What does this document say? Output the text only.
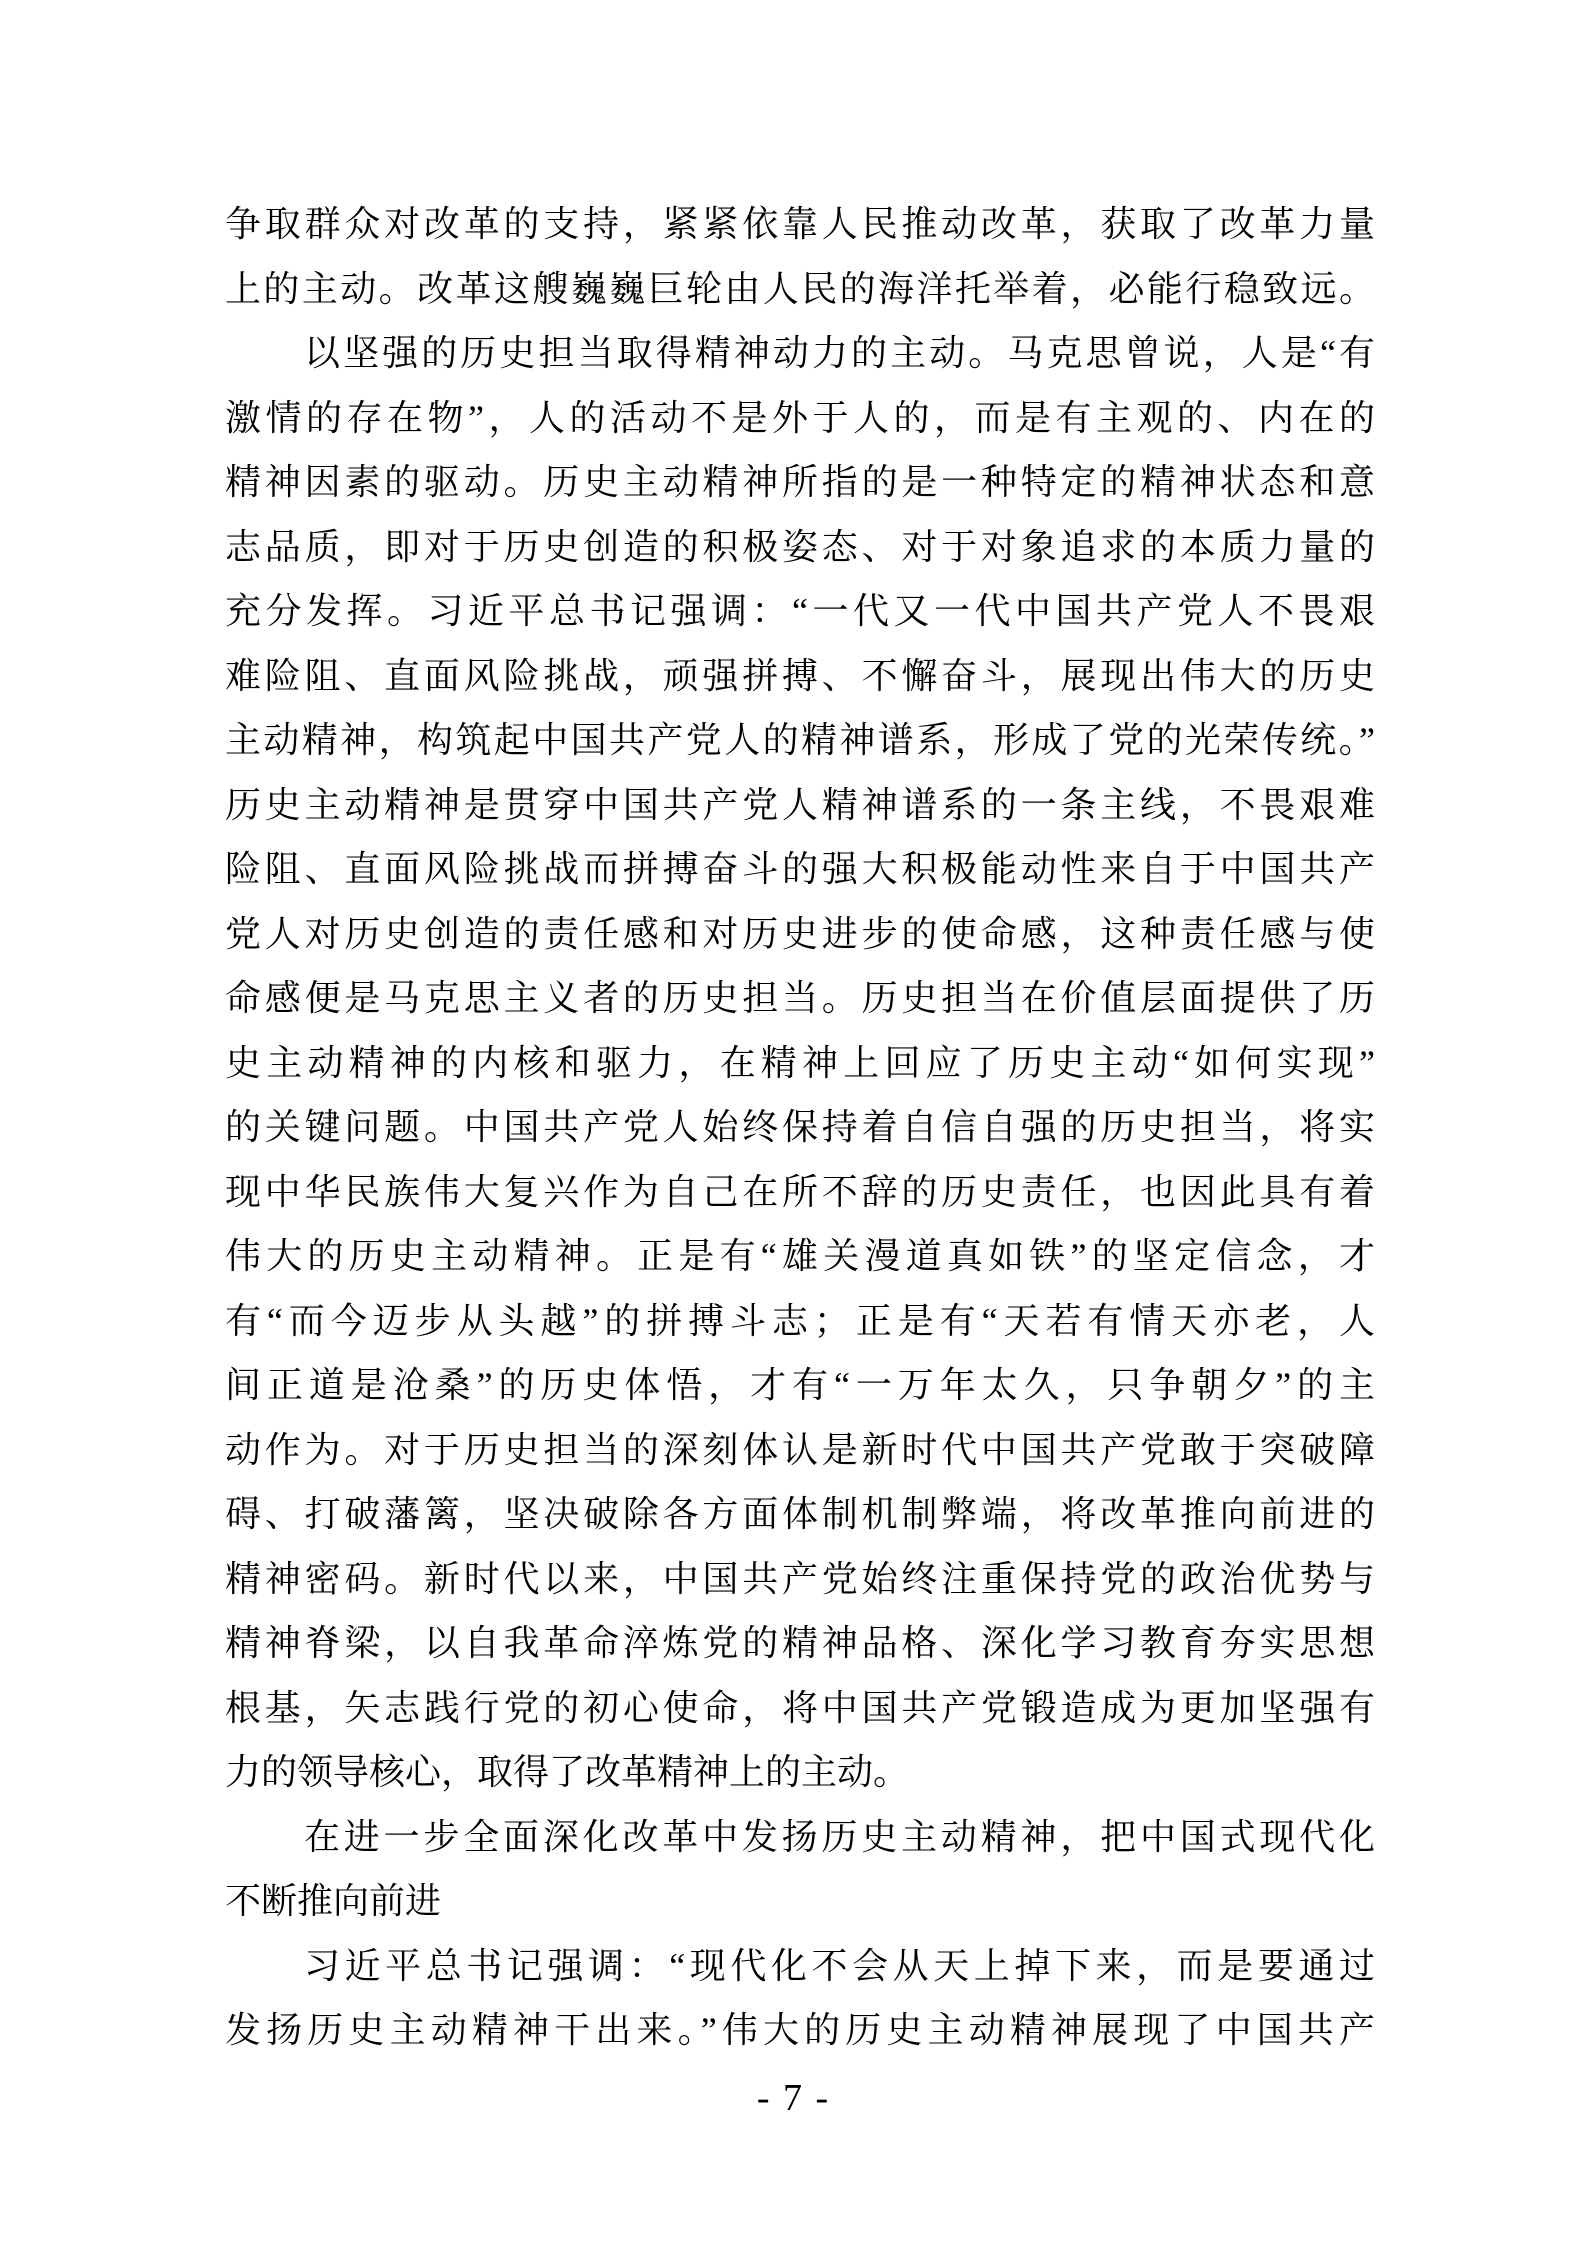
争取群众对改革的支持，紧紧依靠人民推动改革，获取了改革力量
上的主动。改革这艘巍巍巨轮由人民的海洋托举着，必能行稳致远。
以坚强的历史担当取得精神动力的主动。马克思曾说，人是“有
激情的存在物”，人的活动不是外于人的，而是有主观的、内在的
精神因素的驱动。历史主动精神所指的是一种特定的精神状态和意
志品质，即对于历史创造的积极姿态、对于对象追求的本质力量的
充分发挥。习近平总书记强调：“一代又一代中国共产党人不畏艰
难险阻、直面风险挑战，顽强拼搏、不懈奋斗，展现出伟大的历史
主动精神，构筑起中国共产党人的精神谱系，形成了党的光荣传统。”
历史主动精神是贯穿中国共产党人精神谱系的一条主线，不畏艰难
险阻、直面风险挑战而拼搏奋斗的强大积极能动性来自于中国共产
党人对历史创造的责任感和对历史进步的使命感，这种责任感与使
命感便是马克思主义者的历史担当。历史担当在价值层面提供了历
史主动精神的内核和驱力，在精神上回应了历史主动“如何实现”
的关键问题。中国共产党人始终保持着自信自强的历史担当，将实
现中华民族伟大复兴作为自己在所不辞的历史责任，也因此具有着
伟大的历史主动精神。正是有“雄关漫道真如铁”的坚定信念，才
有“而今迈步从头越”的拼搏斗志；正是有“天若有情天亦老，人
间正道是沧桑”的历史体悟，才有“一万年太久，只争朝夕”的主
动作为。对于历史担当的深刻体认是新时代中国共产党敢于突破障
碍、打破藩篱，坚决破除各方面体制机制弊端，将改革推向前进的
精神密码。新时代以来，中国共产党始终注重保持党的政治优势与
精神脊梁，以自我革命淬炼党的精神品格、深化学习教育夯实思想
根基，矢志践行党的初心使命，将中国共产党锻造成为更加坚强有
力的领导核心，取得了改革精神上的主动。
在进一步全面深化改革中发扬历史主动精神，把中国式现代化
不断推向前进
习近平总书记强调：“现代化不会从天上掉下来，而是要通过
发扬历史主动精神干出来。”伟大的历史主动精神展现了中国共产
- 7 -
